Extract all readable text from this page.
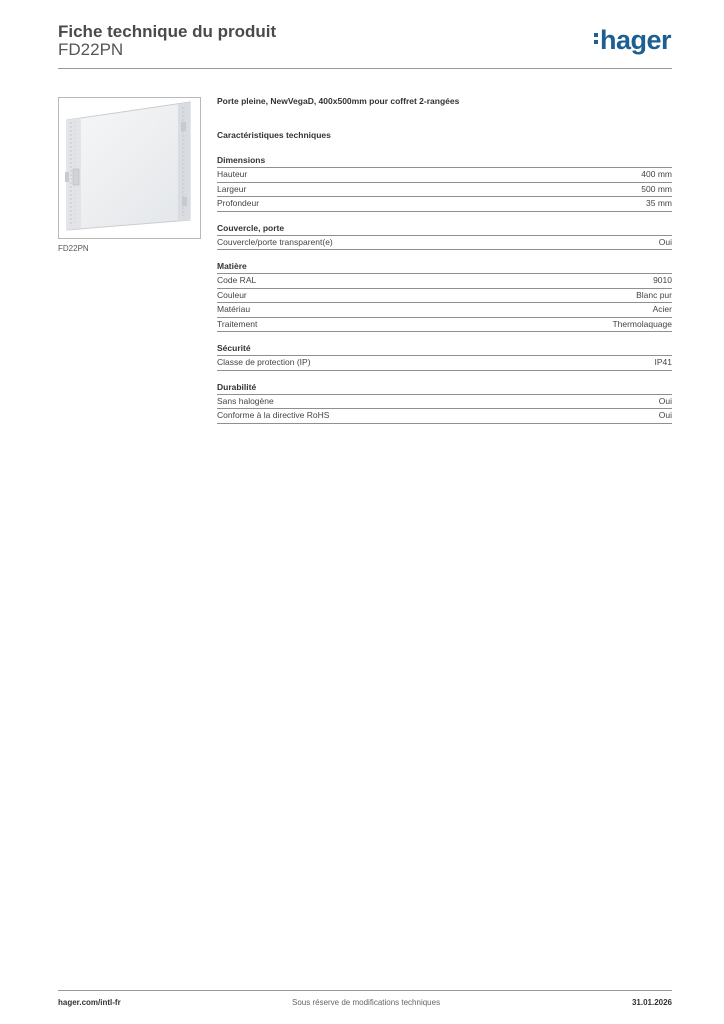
Fiche technique du produit
FD22PN	hager
FD22PN
Porte pleine, NewVegaD, 400x500mm pour coffret 2-rangées
Caractéristiques techniques
Dimensions
Hauteur	400 mm
Largeur	500 mm
Profondeur	35 mm
Couvercle, porte
Couvercle/porte transparent(e)	Oui
Matière
Code RAL	9010
Couleur	Blanc pur
Matériau	Acier
Traitement	Thermolaquage
Sécurité
Classe de protection (IP)	IP41
Durabilité
Sans halogène	Oui
Conforme à la directive RoHS	Oui
hager.com/intl-fr	Sous réserve de modifications techniques	31.01.2026
